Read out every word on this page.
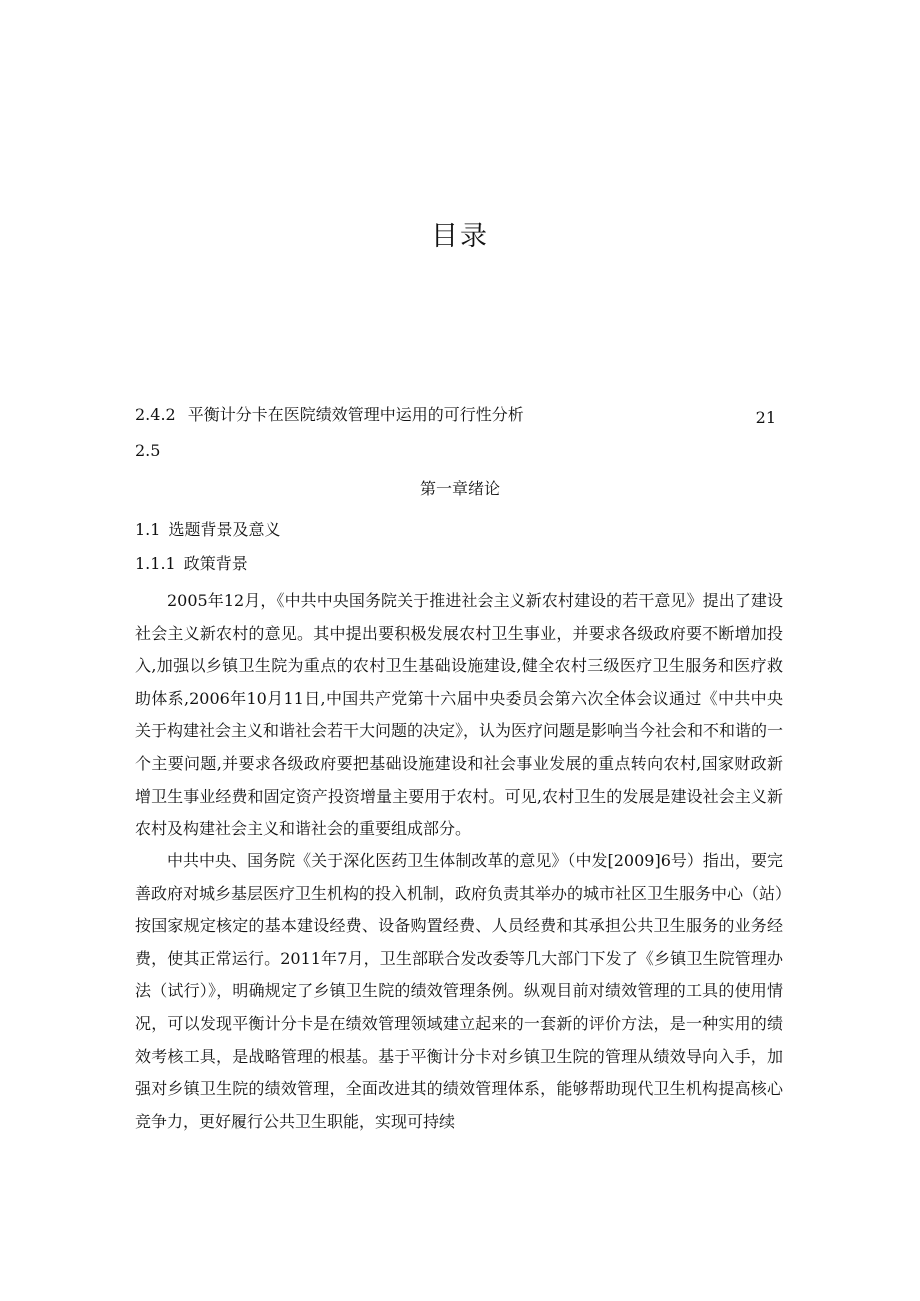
目录
2.4.2 平衡计分卡在医院绩效管理中运用的可行性分析	21
2.5
第一章绪论
1.1 选题背景及意义
1.1.1 政策背景

2005年12月，《中共中央国务院关于推进社会主义新农村建设的若干意见》提出了建设社会主义新农村的意见。其中提出要积极发展农村卫生事业，并要求各级政府要不断增加投入,加强以乡镇卫生院为重点的农村卫生基础设施建设,健全农村三级医疗卫生服务和医疗救助体系,2006年10月11日,中国共产党第十六届中央委员会第六次全体会议通过《中共中央关于构建社会主义和谐社会若干大问题的决定》，认为医疗问题是影响当今社会和不和谐的一个主要问题,并要求各级政府要把基础设施建设和社会事业发展的重点转向农村,国家财政新增卫生事业经费和固定资产投资增量主要用于农村。可见,农村卫生的发展是建设社会主义新农村及构建社会主义和谐社会的重要组成部分。

中共中央、国务院《关于深化医药卫生体制改革的意见》（中发[2009]6号）指出，要完善政府对城乡基层医疗卫生机构的投入机制，政府负责其举办的城市社区卫生服务中心（站）按国家规定核定的基本建设经费、设备购置经费、人员经费和其承担公共卫生服务的业务经费，使其正常运行。2011年7月，卫生部联合发改委等几大部门下发了《乡镇卫生院管理办法（试行）》，明确规定了乡镇卫生院的绩效管理条例。纵观目前对绩效管理的工具的使用情况，可以发现平衡计分卡是在绩效管理领域建立起来的一套新的评价方法，是一种实用的绩效考核工具，是战略管理的根基。基于平衡计分卡对乡镇卫生院的管理从绩效导向入手，加强对乡镇卫生院的绩效管理，全面改进其的绩效管理体系，能够帮助现代卫生机构提高核心竞争力，更好履行公共卫生职能，实现可持续
